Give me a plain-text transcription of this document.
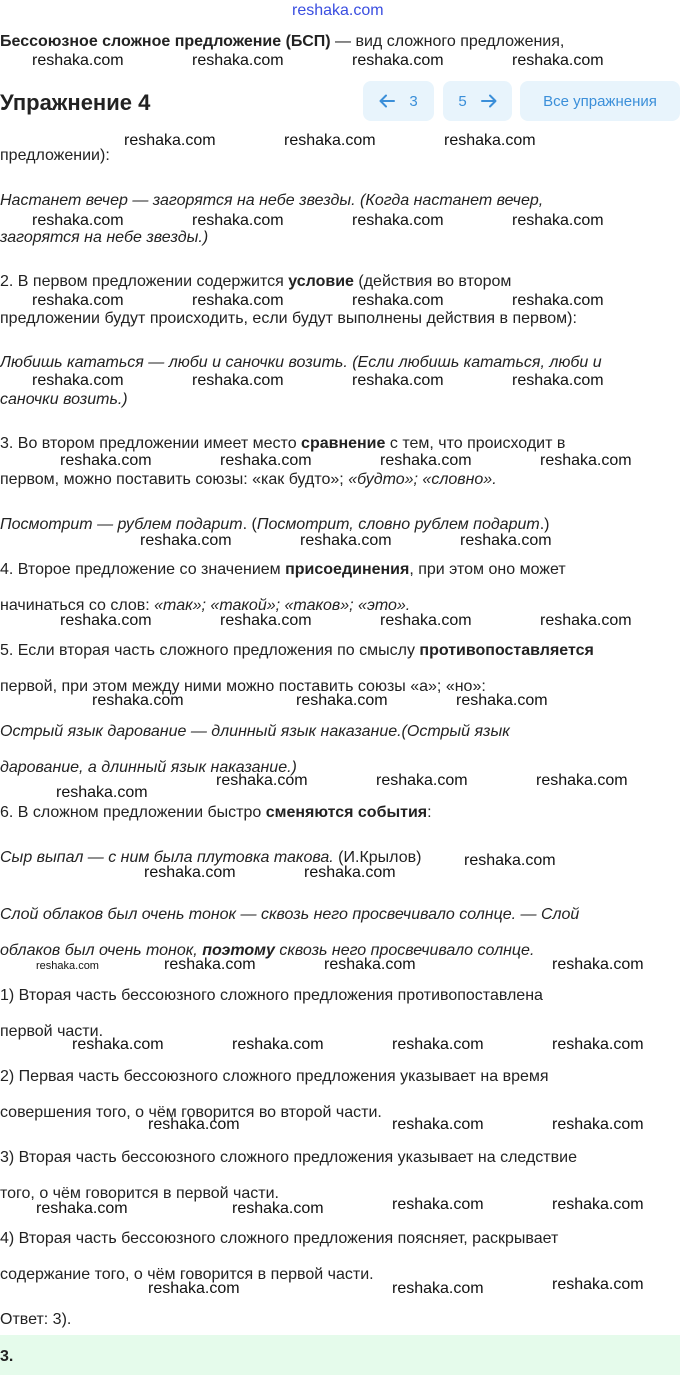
reshaka.com
Бессоюзное сложное предложение (БСП) — вид сложного предложения,
Упражнение 4	3	5	Все упражнения
предложении):
Настанет вечер — загорятся на небе звезды. (Когда настанет вечер,
загорятся на небе звезды.)
2. В первом предложении содержится условие (действия во втором
предложении будут происходить, если будут выполнены действия в первом):
Любишь кататься — люби и саночки возить. (Если любишь кататься, люби и
саночки возить.)
3. Во втором предложении имеет место сравнение с тем, что происходит в
первом, можно поставить союзы: «как будто»; «будто»; «словно».
Посмотрит — рублем подарит. (Посмотрит, словно рублем подарит.)
4. Второе предложение со значением присоединения, при этом оно может
начинаться со слов: «так»; «такой»; «таков»; «это».
5. Если вторая часть сложного предложения по смыслу противопоставляется
первой, при этом между ними можно поставить союзы «а»; «но»:
Острый язык дарование — длинный язык наказание.(Острый язык
дарование, а длинный язык наказание.)
6. В сложном предложении быстро сменяются события:
Сыр выпал — с ним была плутовка такова. (И.Крылов)
Слой облаков был очень тонок — сквозь него просвечивало солнце. — Слой
облаков был очень тонок, поэтому сквозь него просвечивало солнце.
1) Вторая часть бессоюзного сложного предложения противопоставлена
первой части.
2) Первая часть бессоюзного сложного предложения указывает на время
совершения того, о чём говорится во второй части.
3) Вторая часть бессоюзного сложного предложения указывает на следствие
того, о чём говорится в первой части.
4) Вторая часть бессоюзного сложного предложения поясняет, раскрывает
содержание того, о чём говорится в первой части.
Ответ: 3).
3.
reshaka.com	reshaka.com	reshaka.com	reshaka.com
reshaka.com	reshaka.com	reshaka.com
reshaka.com	reshaka.com	reshaka.com	reshaka.com
reshaka.com	reshaka.com	reshaka.com	reshaka.com
reshaka.com	reshaka.com	reshaka.com	reshaka.com
reshaka.com	reshaka.com	reshaka.com	reshaka.com
reshaka.com	reshaka.com	reshaka.com
reshaka.com	reshaka.com	reshaka.com	reshaka.com
reshaka.com	reshaka.com	reshaka.com
reshaka.com	reshaka.com	reshaka.com
reshaka.com
reshaka.com
reshaka.com	reshaka.com
reshaka.com	reshaka.com	reshaka.com	reshaka.com
reshaka.com	reshaka.com	reshaka.com	reshaka.com
reshaka.com	reshaka.com	reshaka.com
reshaka.com	reshaka.com	reshaka.com	reshaka.com
reshaka.com	reshaka.com	reshaka.com
